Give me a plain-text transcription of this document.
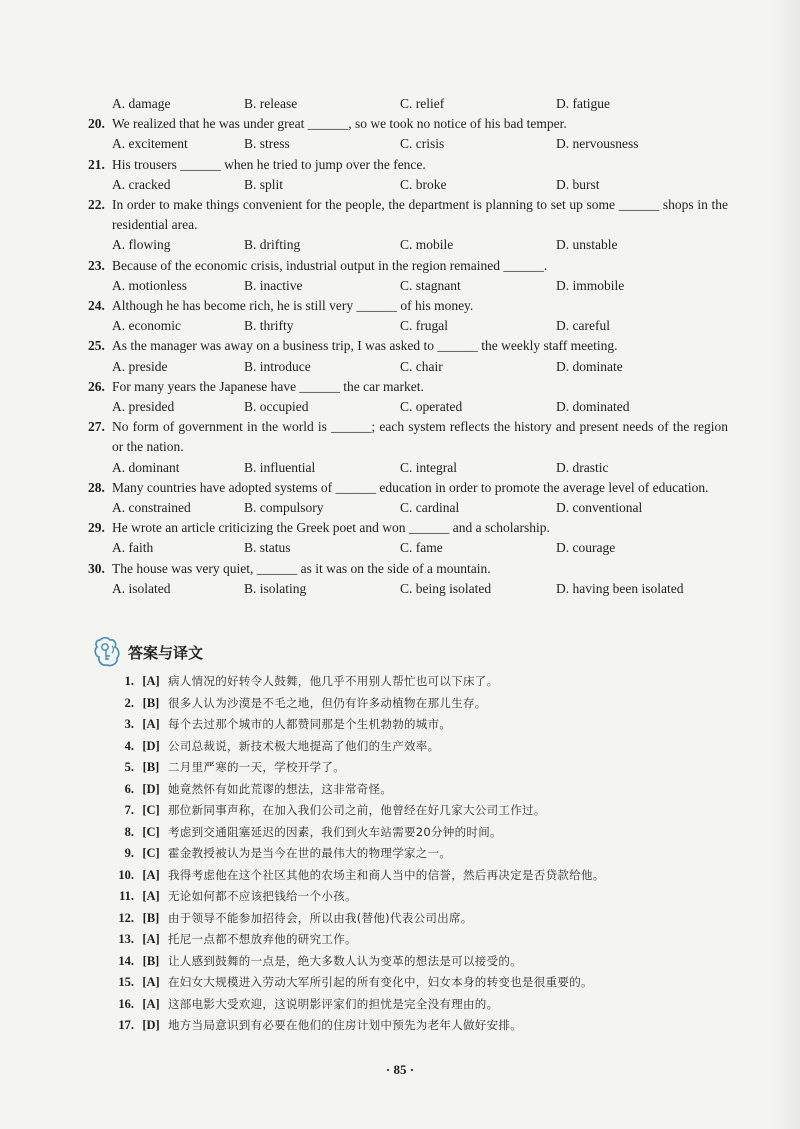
A. damage	B. release	C. relief	D. fatigue
20. We realized that he was under great ______, so we took no notice of his bad temper.
A. excitement	B. stress	C. crisis	D. nervousness
21. His trousers ______ when he tried to jump over the fence.
A. cracked	B. split	C. broke	D. burst
22. In order to make things convenient for the people, the department is planning to set up some ______ shops in the residential area.
A. flowing	B. drifting	C. mobile	D. unstable
23. Because of the economic crisis, industrial output in the region remained ______.
A. motionless	B. inactive	C. stagnant	D. immobile
24. Although he has become rich, he is still very ______ of his money.
A. economic	B. thrifty	C. frugal	D. careful
25. As the manager was away on a business trip, I was asked to ______ the weekly staff meeting.
A. preside	B. introduce	C. chair	D. dominate
26. For many years the Japanese have ______ the car market.
A. presided	B. occupied	C. operated	D. dominated
27. No form of government in the world is ______; each system reflects the history and present needs of the region or the nation.
A. dominant	B. influential	C. integral	D. drastic
28. Many countries have adopted systems of ______ education in order to promote the average level of education.
A. constrained	B. compulsory	C. cardinal	D. conventional
29. He wrote an article criticizing the Greek poet and won ______ and a scholarship.
A. faith	B. status	C. fame	D. courage
30. The house was very quiet, ______ as it was on the side of a mountain.
A. isolated	B. isolating	C. being isolated	D. having been isolated
答案与译文
1. [A] 病人情况的好转令人鼓舞，他几乎不用别人帮忙也可以下床了。
2. [B] 很多人认为沙漠是不毛之地，但仍有许多动植物在那儿生存。
3. [A] 每个去过那个城市的人都赞同那是个生机勃勃的城市。
4. [D] 公司总裁说，新技术极大地提高了他们的生产效率。
5. [B] 二月里严寒的一天，学校开学了。
6. [D] 她竟然怀有如此荒谬的想法，这非常奇怪。
7. [C] 那位新同事声称，在加入我们公司之前，他曾经在好几家大公司工作过。
8. [C] 考虑到交通阻塞延迟的因素，我们到火车站需要20分钟的时间。
9. [C] 霍金教授被认为是当今在世的最伟大的物理学家之一。
10. [A] 我得考虑他在这个社区其他的农场主和商人当中的信誉，然后再决定是否贷款给他。
11. [A] 无论如何都不应该把钱给一个小孩。
12. [B] 由于领导不能参加招待会，所以由我(替他)代表公司出席。
13. [A] 托尼一点都不想放弃他的研究工作。
14. [B] 让人感到鼓舞的一点是，绝大多数人认为变革的想法是可以接受的。
15. [A] 在妇女大规模进入劳动大军所引起的所有变化中，妇女本身的转变也是很重要的。
16. [A] 这部电影大受欢迎，这说明影评家们的担忧是完全没有理由的。
17. [D] 地方当局意识到有必要在他们的住房计划中预先为老年人做好安排。
· 85 ·
